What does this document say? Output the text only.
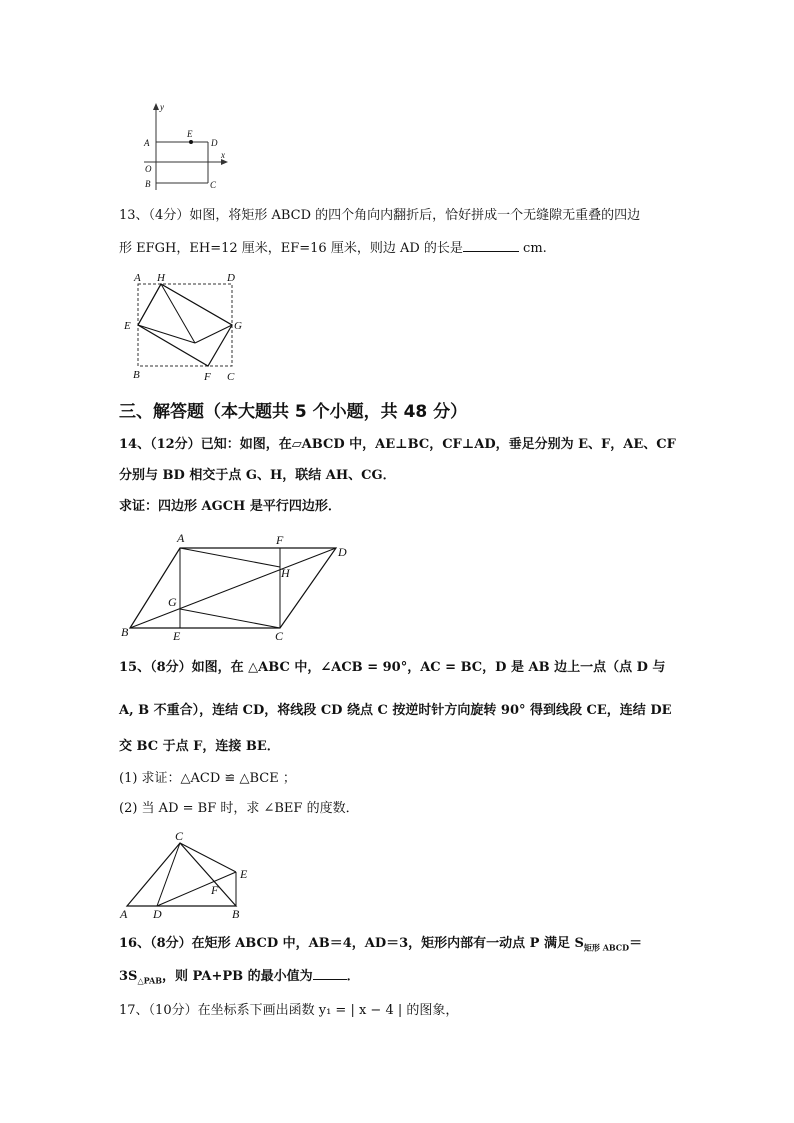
y
x
A
E
D
O
B	C
13、（4分）如图，将矩形 ABCD 的四个角向内翻折后，恰好拼成一个无缝隙无重叠的四边
形 EFGH，EH=12 厘米，EF=16 厘米，则边 AD 的长是	cm.
A H	D
E	G
B	F C
三、解答题（本大题共 5 个小题，共 48 分）
14、（12分）已知：如图，在▱ABCD 中，AE⊥BC，CF⊥AD，垂足分别为 E、F，AE、CF
分别与 BD 相交于点 G、H，联结 AH、CG．
求证：四边形 AGCH 是平行四边形．
A	F
D
H
G
B	E	C
15、（8分）如图，在 △ABC 中，∠ACB = 90°，AC = BC，D 是 AB 边上一点（点 D 与
A, B 不重合），连结 CD，将线段 CD 绕点 C 按逆时针方向旋转 90° 得到线段 CE，连结 DE
交 BC 于点 F，连接 BE．
(1) 求证：△ACD ≌ △BCE ；
(2) 当 AD = BF 时，求 ∠BEF 的度数．
C
E
F
A D	B
16、（8分）在矩形 ABCD 中，AB＝4，AD＝3，矩形内部有一动点 P 满足 $S_{矩形 ABCD}=$
$3S_{\triangle PAB}$，则 PA+PB 的最小值为	．
17、（10分）在坐标系下画出函数 y₁ = | x − 4 | 的图象，
